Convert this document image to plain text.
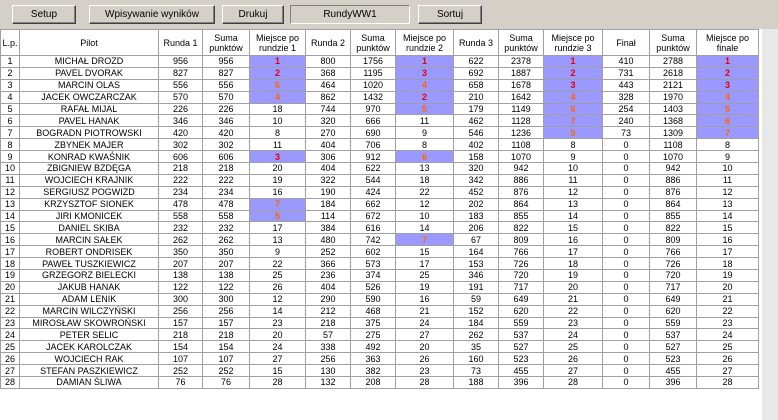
Setup	Wpisywanie wyników	Drukuj	RundyWW1	Sortuj
L.p.	Pilot	Runda 1	Suma punktów	Miejsce po rundzie 1	Runda 2	Suma punktów	Miejsce po rundzie 2	Runda 3	Suma punktów	Miejsce po rundzie 3	Finał	Suma punktów	Miejsce po finale
1	MICHAŁ DROZD	956	956	1	800	1756	1	622	2378	1	410	2788	1
2	PAVEL DVORAK	827	827	2	368	1195	3	692	1887	2	731	2618	2
3	MARCIN OLAS	556	556	6	464	1020	4	658	1678	3	443	2121	3
4	JACEK OWCZARCZAK	570	570	4	862	1432	2	210	1642	4	328	1970	4
5	RAFAŁ MIJAL	226	226	18	744	970	5	179	1149	6	254	1403	5
6	PAVEL HANAK	346	346	10	320	666	11	462	1128	7	240	1368	6
7	BOGRADN PIOTROWSKI	420	420	8	270	690	9	546	1236	5	73	1309	7
8	ZBYNEK MAJER	302	302	11	404	706	8	402	1108	8	0	1108	8
9	KONRAD KWAŚNIK	606	606	3	306	912	6	158	1070	9	0	1070	9
10	ZBIGNIEW BZDĘGA	218	218	20	404	622	13	320	942	10	0	942	10
11	WOJCIECH KRAJNIK	222	222	19	322	544	18	342	886	11	0	886	11
12	SERGIUSZ POGWIZD	234	234	16	190	424	22	452	876	12	0	876	12
13	KRZYSZTOF SIONEK	478	478	7	184	662	12	202	864	13	0	864	13
14	JIRI KMONICEK	558	558	5	114	672	10	183	855	14	0	855	14
15	DANIEL SKIBA	232	232	17	384	616	14	206	822	15	0	822	15
16	MARCIN SAŁEK	262	262	13	480	742	7	67	809	16	0	809	16
17	ROBERT ONDRISEK	350	350	9	252	602	15	164	766	17	0	766	17
18	PAWEŁ TUSZKIEWICZ	207	207	22	366	573	17	153	726	18	0	726	18
19	GRZEGORZ BIELECKI	138	138	25	236	374	25	346	720	19	0	720	19
20	JAKUB HANAK	122	122	26	404	526	19	191	717	20	0	717	20
21	ADAM LENIK	300	300	12	290	590	16	59	649	21	0	649	21
22	MARCIN WILCZYŃSKI	256	256	14	212	468	21	152	620	22	0	620	22
23	MIROSŁAW SKOWROŃSKI	157	157	23	218	375	24	184	559	23	0	559	23
24	PETER SELIC	218	218	20	57	275	27	262	537	24	0	537	24
25	JACEK KAROLCZAK	154	154	24	338	492	20	35	527	25	0	527	25
26	WOJCIECH RAK	107	107	27	256	363	26	160	523	26	0	523	26
27	STEFAN PASZKIEWICZ	252	252	15	130	382	23	73	455	27	0	455	27
28	DAMIAN ŚLIWA	76	76	28	132	208	28	188	396	28	0	396	28
